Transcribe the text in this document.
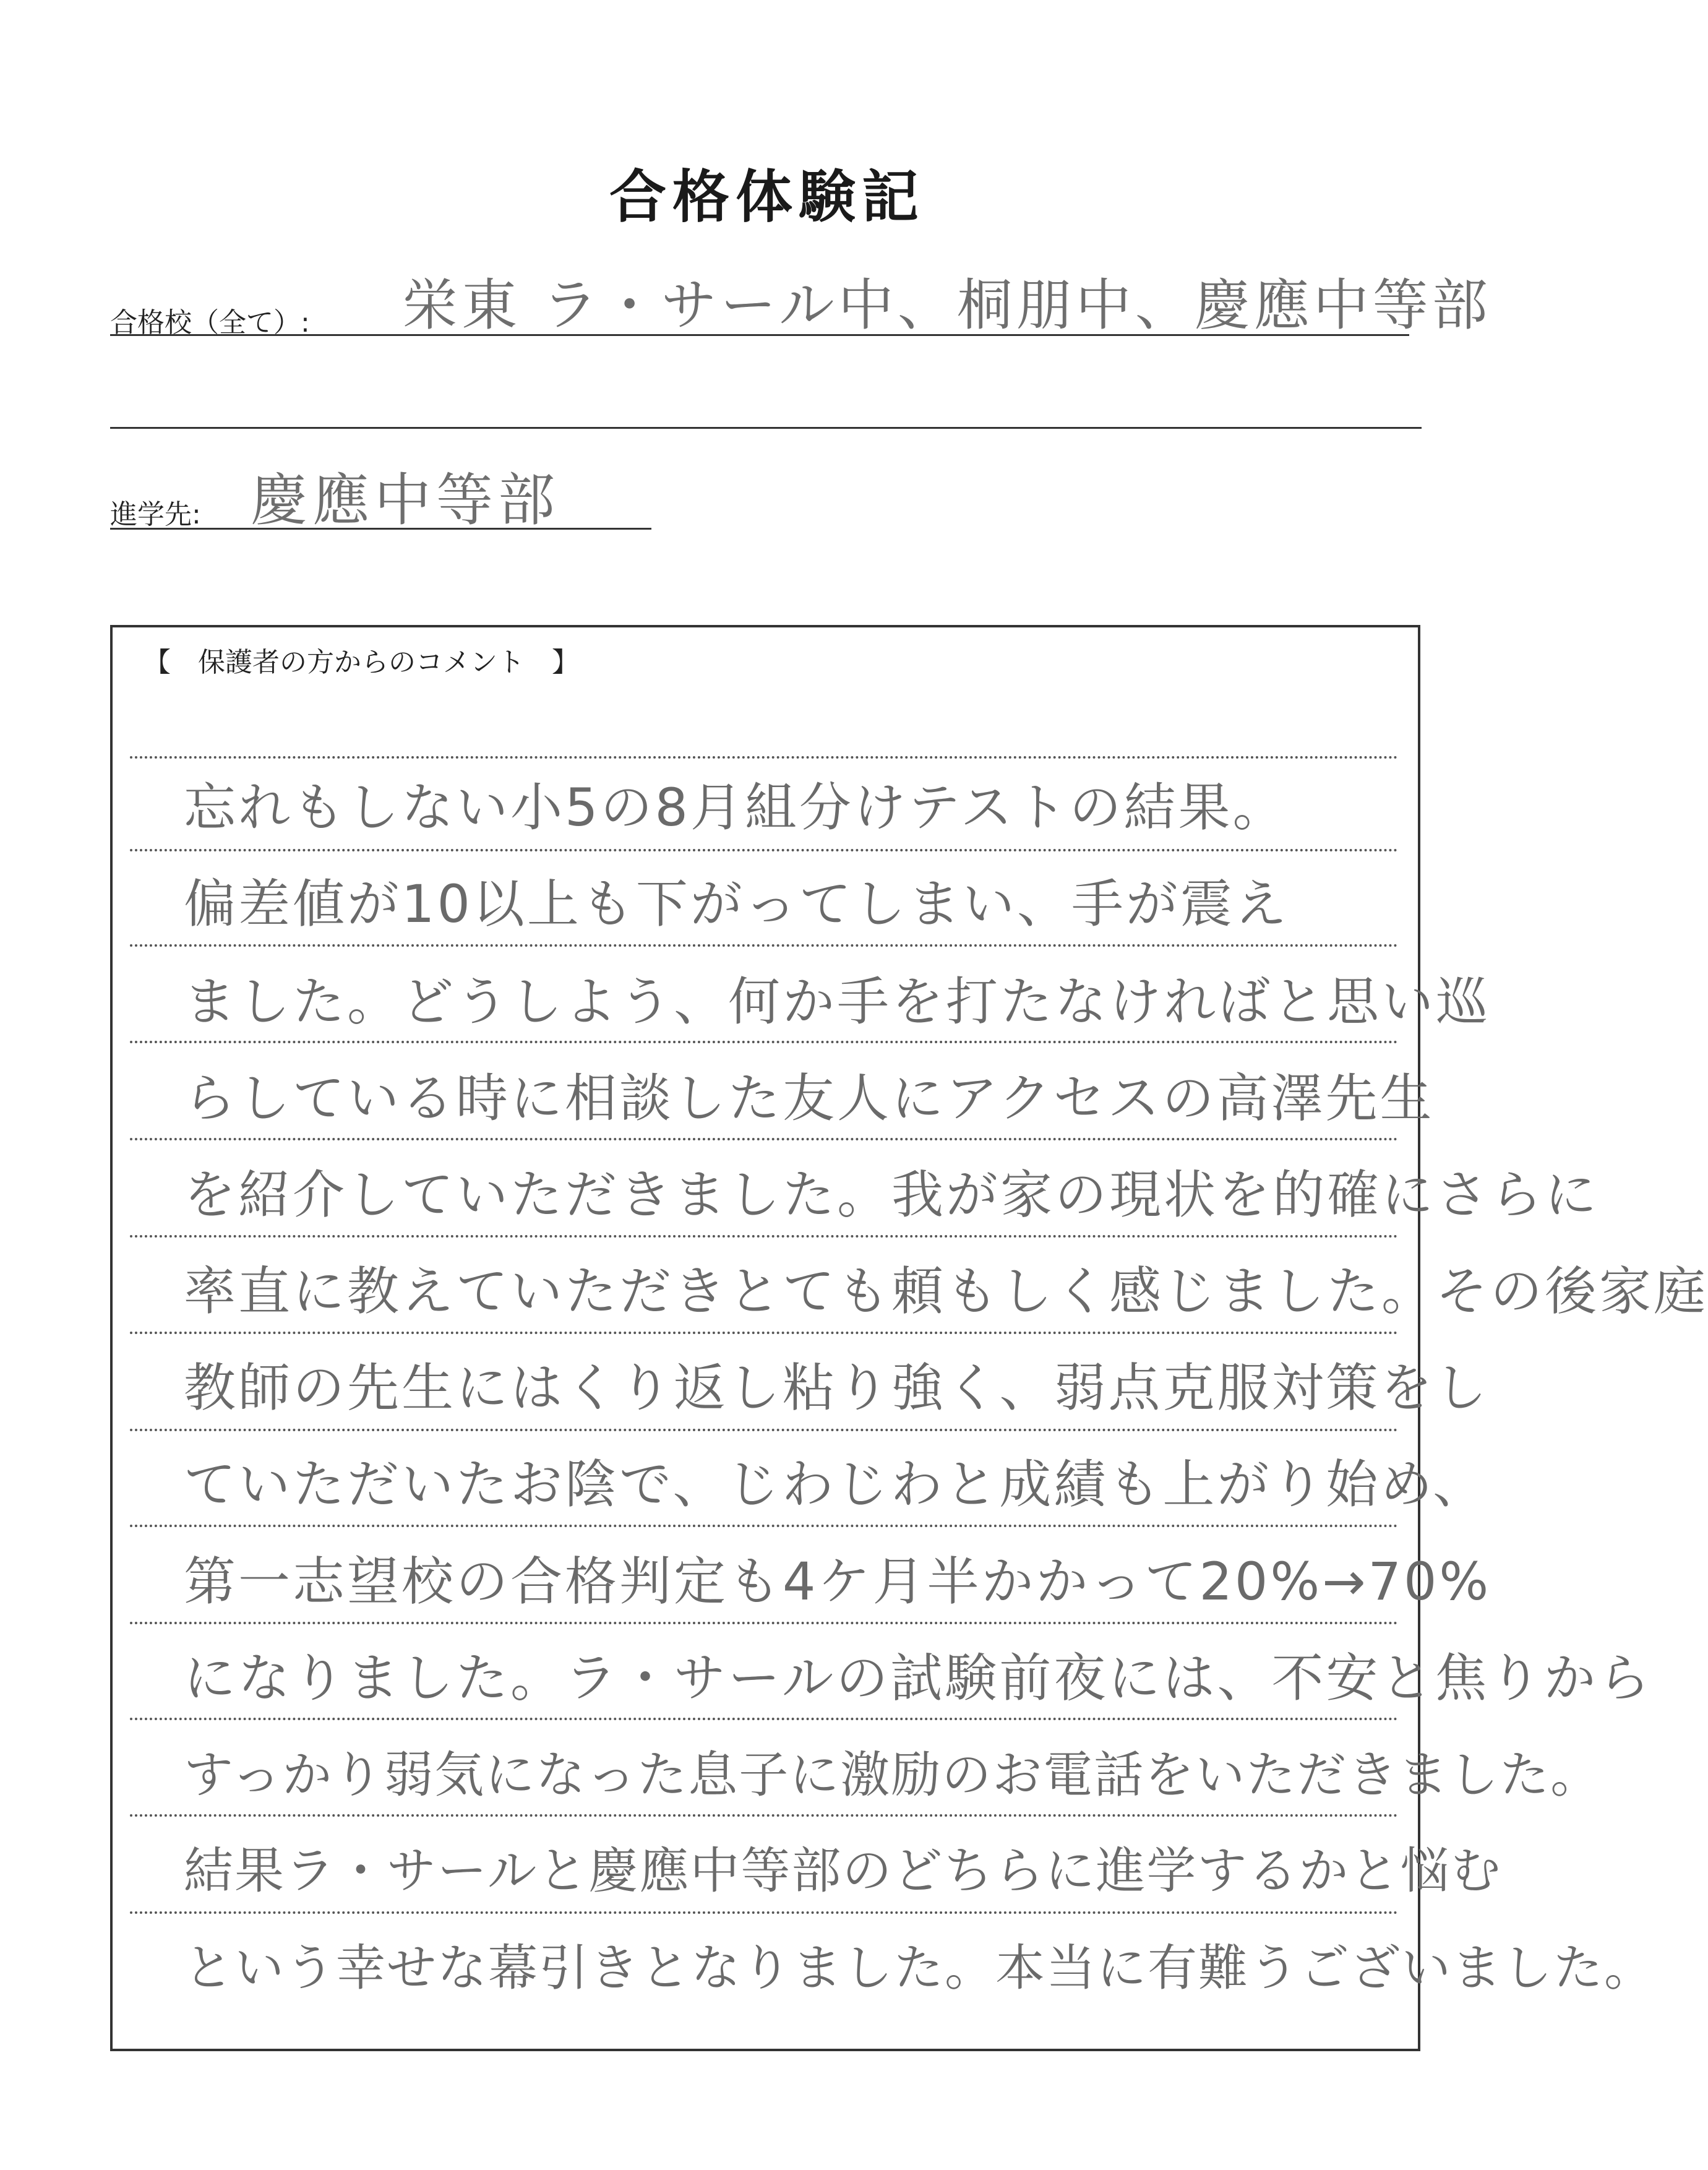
合格体験記
合格校（全て）: 栄東 ラ・サール中、桐朋中、慶應中等部
進学先: 慶應中等部
【　保護者の方からのコメント　】
忘れもしない小5の8月組分けテストの結果。
偏差値が10以上も下がってしまい、手が震え
ました。どうしよう、何か手を打たなければと思い巡
らしている時に相談した友人にアクセスの高澤先生
を紹介していただきました。我が家の現状を的確にさらに
率直に教えていただきとても頼もしく感じました。その後家庭
教師の先生にはくり返し粘り強く、弱点克服対策をし
ていただいたお陰で、じわじわと成績も上がり始め、
第一志望校の合格判定も4ケ月半かかって20%→70%
になりました。ラ・サールの試験前夜には、不安と焦りから
すっかり弱気になった息子に激励のお電話をいただきました。
結果ラ・サールと慶應中等部のどちらに進学するかと悩む
という幸せな幕引きとなりました。本当に有難うございました。
